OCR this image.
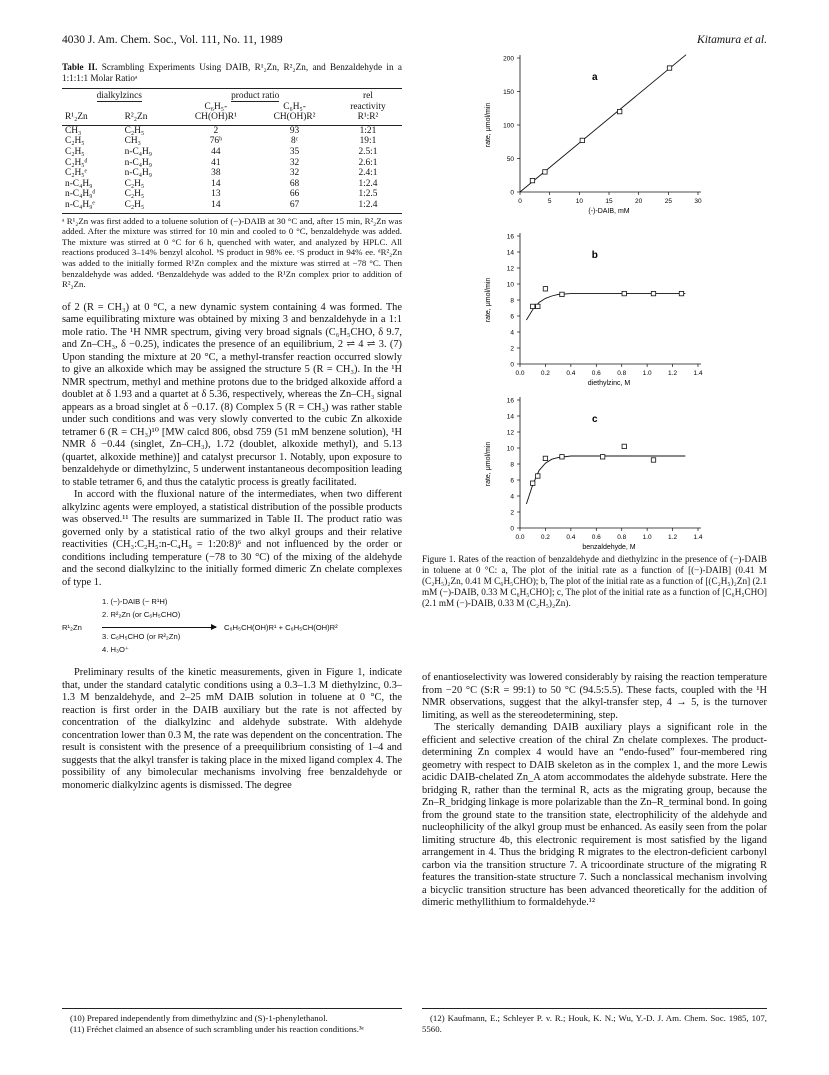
4030 J. Am. Chem. Soc., Vol. 111, No. 11, 1989	Kitamura et al.
Table II. Scrambling Experiments Using DAIB, R¹₂Zn, R²₂Zn, and Benzaldehyde in a 1:1:1:1 Molar Ratioᵃ
dialkylzincs		product ratio		rel
		C₆H₅-	C₆H₅-	reactivity
R¹₂Zn	R²₂Zn	CH(OH)R¹	CH(OH)R²	R¹:R²
CH₃	C₂H₅	2	93	1:21
C₂H₅	CH₃	76ᵇ	8ᶜ	19:1
C₂H₅	n-C₄H₉	44	35	2.5:1
C₂H₅ᵈ	n-C₄H₉	41	32	2.6:1
C₂H₅ᵉ	n-C₄H₉	38	32	2.4:1
n-C₄H₉	C₂H₅	14	68	1:2.4
n-C₄H₉ᵈ	C₂H₅	13	66	1:2.5
n-C₄H₉ᵉ	C₂H₅	14	67	1:2.4
ᵃ R¹₂Zn was first added to a toluene solution of (−)-DAIB at 30 °C and, after 15 min, R²₂Zn was added. After the mixture was stirred for 10 min and cooled to 0 °C, benzaldehyde was added. The mixture was stirred at 0 °C for 6 h, quenched with water, and analyzed by HPLC. All reactions produced 3–14% benzyl alcohol. ᵇS product in 98% ee. ᶜS product in 94% ee. ᵈR²₂Zn was added to the initially formed R¹Zn complex and the mixture was stirred at −78 °C. Then benzaldehyde was added. ᵉBenzaldehyde was added to the R¹Zn complex prior to addition of R²₂Zn.
of 2 (R = CH₃) at 0 °C, a new dynamic system containing 4 was formed. The same equilibrating mixture was obtained by mixing 3 and benzaldehyde in a 1:1 mole ratio. The ¹H NMR spectrum, giving very broad signals (C₆H₅CHO, δ 9.7, and Zn–CH₃, δ −0.25), indicates the presence of an equilibrium, 2 ⇌ 4 ⇌ 3. (7) Upon standing the mixture at 20 °C, a methyl-transfer reaction occurred slowly to give an alkoxide which may be assigned the structure 5 (R = CH₃). In the ¹H NMR spectrum, methyl and methine protons due to the bridged alkoxide afford a doublet at δ 1.93 and a quartet at δ 5.36, respectively, whereas the Zn–CH₃ signal appears as a broad singlet at δ −0.17. (8) Complex 5 (R = CH₃) was rather stable under such conditions and was very slowly converted to the cubic Zn alkoxide tetramer 6 (R = CH₃)¹⁰ [MW calcd 806, obsd 759 (51 mM benzene solution), ¹H NMR δ −0.44 (singlet, Zn–CH₃), 1.72 (doublet, alkoxide methyl), and 5.13 (quartet, alkoxide methine)] and catalyst precursor 1. Notably, upon exposure to benzaldehyde or dimethylzinc, 5 underwent instantaneous decomposition leading to stable tetramer 6, and thus the catalytic process is greatly facilitated.
In accord with the fluxional nature of the intermediates, when two different alkylzinc agents were employed, a statistical distribution of the possible products was observed.¹¹ The results are summarized in Table II. The product ratio was governed only by a statistical ratio of the two alkyl groups and their relative reactivities (CH₃:C₂H₅:n-C₄H₉ = 1:20:8)⁶ and not influenced by the order or conditions including temperature (−78 to 30 °C) of the mixing of the aldehyde and the second dialkylzinc to the initially formed dimeric Zn chelate complexes of type 1.
R¹₂Zn
1. (−)-DAIB (− R¹H)
2. R²₂Zn (or C₆H₅CHO)
3. C₆H₅CHO (or R²₂Zn)
4. H₃O⁺
C₆H₅CH(OH)R¹ + C₆H₅CH(OH)R²
Preliminary results of the kinetic measurements, given in Figure 1, indicate that, under the standard catalytic conditions using a 0.3–1.3 M diethylzinc, 0.3–1.3 M benzaldehyde, and 2–25 mM DAIB solution in toluene at 0 °C, the reaction is first order in the DAIB auxiliary but the rate is not affected by concentration of the dialkylzinc and aldehyde substrate. With aldehyde concentration lower than 0.3 M, the rate was dependent on the concentration. The result is consistent with the presence of a preequilibrium consisting of 1–4 and suggests that the alkyl transfer is taking place in the mixed ligand complex 4. The possibility of any bimolecular mechanisms involving free benzaldehyde or monomeric dialkylzinc agents is dismissed. The degree
0
50
100
150
200
0	5	10	15	20	25	30
(-)-DAIB, mM
rate, μmol/min
a
0
2
4
6
8
10
12
14
16
0.0	0.2	0.4	0.6	0.8	1.0	1.2	1.4
diethylzinc, M
rate, μmol/min
b
0
2
4
6
8
10
12
14
16
0.0	0.2	0.4	0.6	0.8	1.0	1.2	1.4
benzaldehyde, M
rate, μmol/min
c
Figure 1. Rates of the reaction of benzaldehyde and diethylzinc in the presence of (−)-DAIB in toluene at 0 °C: a, The plot of the initial rate as a function of [(−)-DAIB] (0.41 M (C₂H₅)₂Zn, 0.41 M C₆H₅CHO); b, The plot of the initial rate as a function of [(C₂H₅)₂Zn] (2.1 mM (−)-DAIB, 0.33 M C₆H₅CHO]; c, The plot of the initial rate as a function of [C₆H₅CHO] (2.1 mM (−)-DAIB, 0.33 M (C₂H₅)₂Zn).
of enantioselectivity was lowered considerably by raising the reaction temperature from −20 °C (S:R = 99:1) to 50 °C (94.5:5.5). These facts, coupled with the ¹H NMR observations, suggest that the alkyl-transfer step, 4 → 5, is the turnover limiting, as well as the stereodetermining, step.
The sterically demanding DAIB auxiliary plays a significant role in the efficient and selective creation of the chiral Zn chelate complexes. The product-determining Zn complex 4 would have an “endo-fused” four-membered ring geometry with respect to DAIB skeleton as in the complex 1, and the more Lewis acidic DAIB-chelated Zn_A atom accommodates the aldehyde substrate. Here the bridging R, rather than the terminal R, acts as the migrating group, because the Zn–R_bridging linkage is more polarizable than the Zn–R_terminal bond. In going from the ground state to the transition state, electrophilicity of the aldehyde and nucleophilicity of the alkyl group must be enhanced. As easily seen from the polar limiting structure 4b, this electronic requirement is most satisfied by the ligand arrangement in 4. Thus the bridging R migrates to the electron-deficient carbonyl carbon via the transition structure 7. A tricoordinate structure of the migrating R features the transition-state structure 7. Such a nonclassical mechanism involving a bicyclic transition structure has been advanced theoretically for the addition of dimeric methyllithium to formaldehyde.¹²

(10) Prepared independently from dimethylzinc and (S)-1-phenylethanol.

(11) Fréchet claimed an absence of such scrambling under his reaction conditions.³ᵉ

(12) Kaufmann, E.; Schleyer P. v. R.; Houk, K. N.; Wu, Y.-D. J. Am. Chem. Soc. 1985, 107, 5560.
